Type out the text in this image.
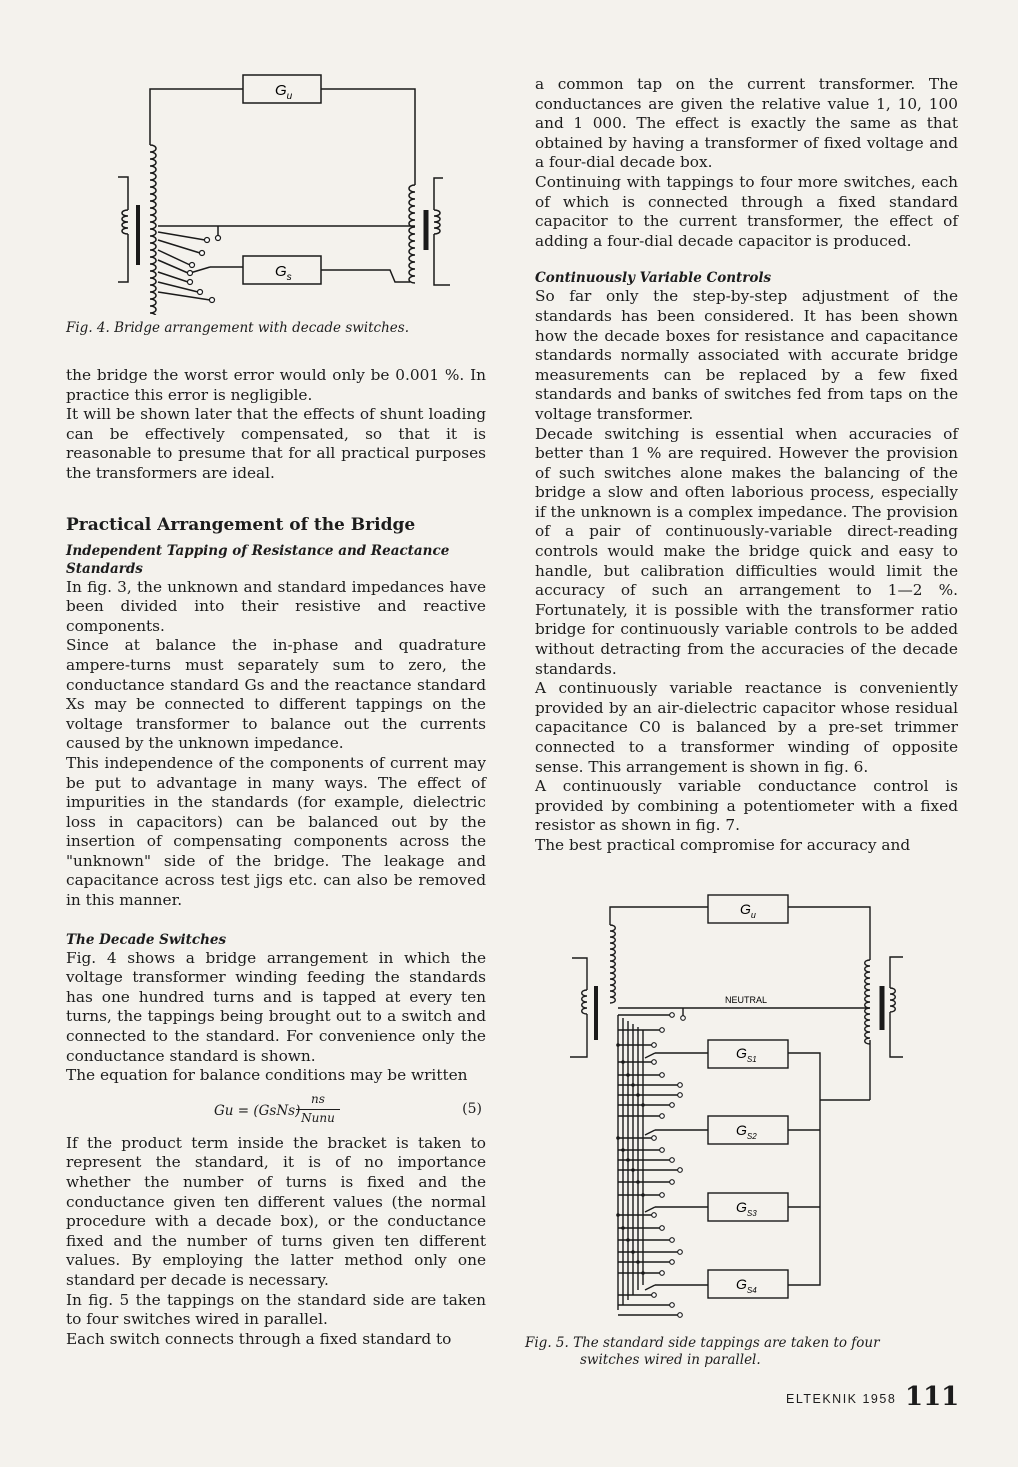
$G_u$
$G_s$
Fig. 4. Bridge arrangement with decade switches.

the bridge the worst error would only be 0.001 %. In practice this error is negligible.

It will be shown later that the effects of shunt loading can be effectively compensated, so that it is reasonable to presume that for all practical purposes the transformers are ideal.

Practical Arrangement of the Bridge
Independent Tapping of Resistance and Reactance Standards

In fig. 3, the unknown and standard impedances have been divided into their resistive and reactive components.

Since at balance the in-phase and quadrature ampere-turns must separately sum to zero, the conductance standard Gs and the reactance standard Xs may be connected to different tappings on the voltage transformer to balance out the currents caused by the unknown impedance.

This independence of the components of current may be put to advantage in many ways. The effect of impurities in the standards (for example, dielectric loss in capacitors) can be balanced out by the insertion of compensating components across the "unknown" side of the bridge. The leakage and capacitance across test jigs etc. can also be removed in this manner.

The Decade Switches

Fig. 4 shows a bridge arrangement in which the voltage transformer winding feeding the standards has one hundred turns and is tapped at every ten turns, the tappings being brought out to a switch and connected to the standard. For convenience only the conductance standard is shown.

The equation for balance conditions may be written

Gu = (GsNs)
ns
Nunu
(5)

If the product term inside the bracket is taken to represent the standard, it is of no importance whether the number of turns is fixed and the conductance given ten different values (the normal procedure with a decade box), or the conductance fixed and the number of turns given ten different values. By employing the latter method only one standard per decade is necessary.

In fig. 5 the tappings on the standard side are taken to four switches wired in parallel.

Each switch connects through a fixed standard to

a common tap on the current transformer. The conductances are given the relative value 1, 10, 100 and 1 000. The effect is exactly the same as that obtained by having a transformer of fixed voltage and a four-dial decade box.

Continuing with tappings to four more switches, each of which is connected through a fixed standard capacitor to the current transformer, the effect of adding a four-dial decade capacitor is produced.

Continuously Variable Controls

So far only the step-by-step adjustment of the standards has been considered. It has been shown how the decade boxes for resistance and capacitance standards normally associated with accurate bridge measurements can be replaced by a few fixed standards and banks of switches fed from taps on the voltage transformer.

Decade switching is essential when accuracies of better than 1 % are required. However the provision of such switches alone makes the balancing of the bridge a slow and often laborious process, especially if the unknown is a complex impedance. The provision of a pair of continuously-variable direct-reading controls would make the bridge quick and easy to handle, but calibration difficulties would limit the accuracy of such an arrangement to 1—2 %. Fortunately, it is possible with the transformer ratio bridge for continuously variable controls to be added without detracting from the accuracies of the decade standards.

A continuously variable reactance is conveniently provided by an air-dielectric capacitor whose residual capacitance C0 is balanced by a pre-set trimmer connected to a transformer winding of opposite sense. This arrangement is shown in fig. 6.

A continuously variable conductance control is provided by combining a potentiometer with a fixed resistor as shown in fig. 7.

The best practical compromise for accuracy and

$G_u$
NEUTRAL
$G_{S1}$
$G_{S2}$
$G_{S3}$
$G_{S4}$
Fig. 5. The standard side tappings are taken to four
switches wired in parallel.
ELTEKNIK 1958 111
